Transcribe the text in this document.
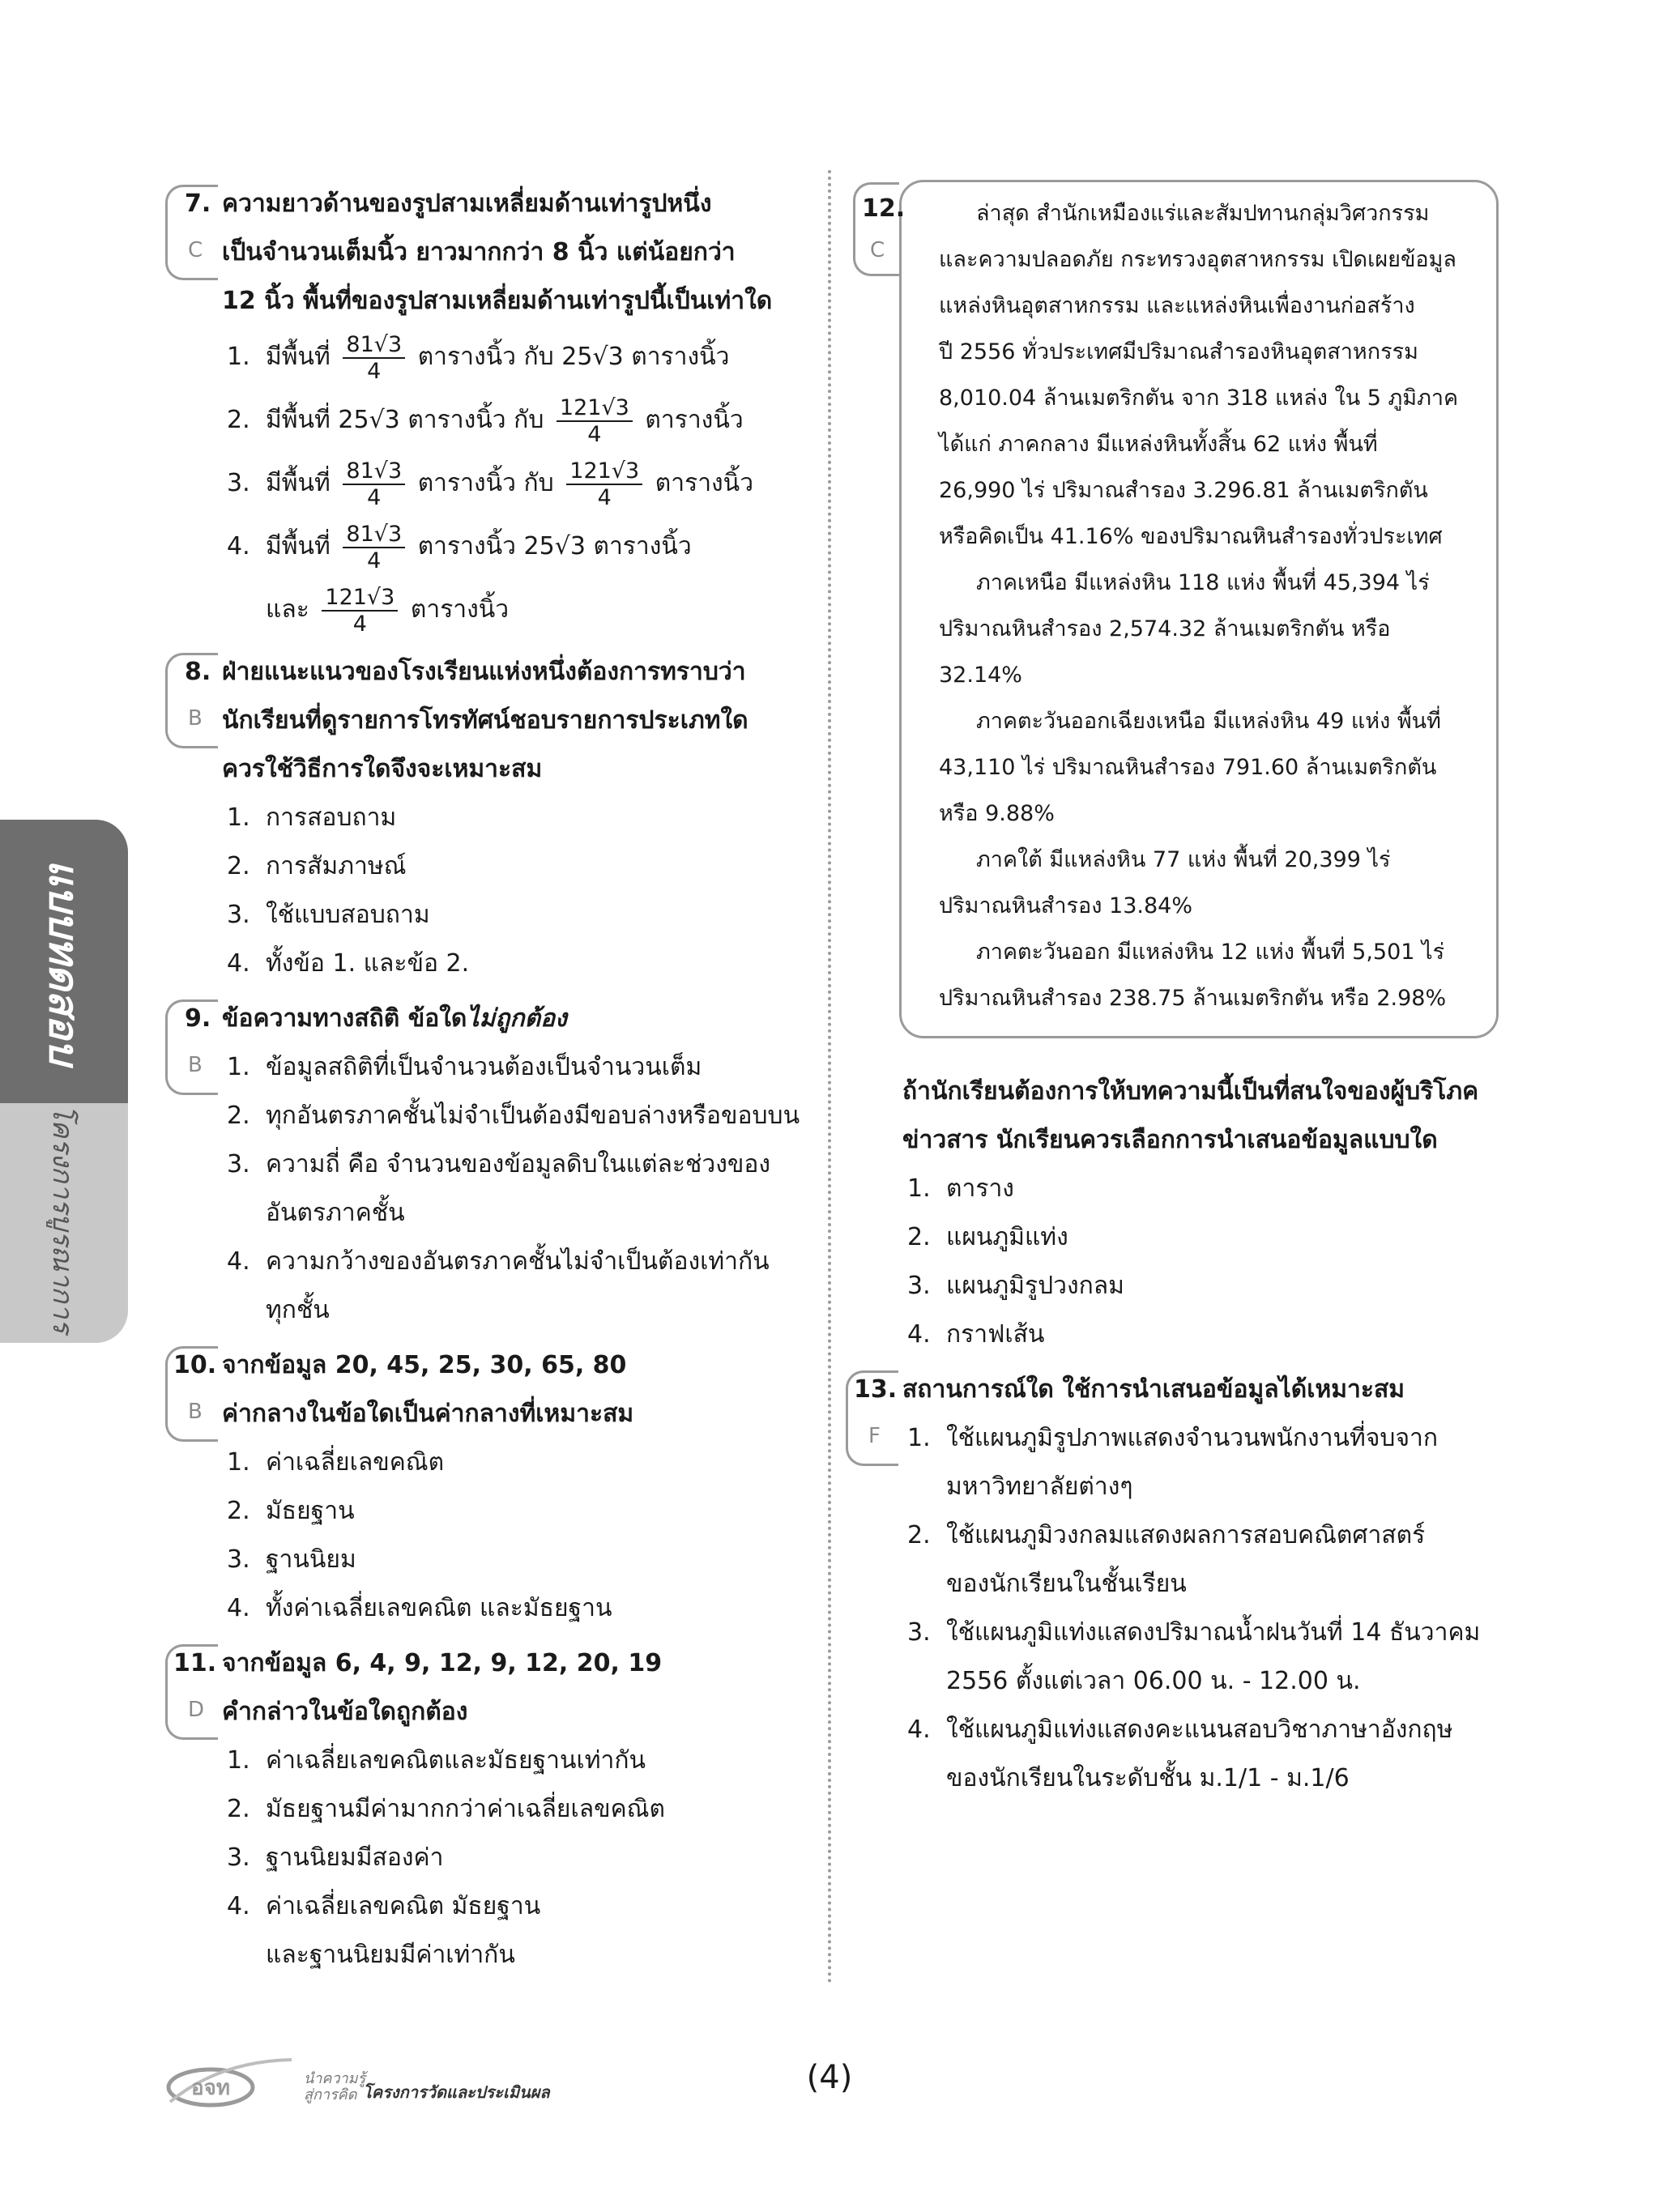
แบบทดสอบ
โครงการบูรณาการ
7.
C
ความยาวด้านของรูปสามเหลี่ยมด้านเท่ารูปหนึ่ง
เป็นจำนวนเต็มนิ้ว ยาวมากกว่า 8 นิ้ว แต่น้อยกว่า
12 นิ้ว พื้นที่ของรูปสามเหลี่ยมด้านเท่ารูปนี้เป็นเท่าใด
1. มีพื้นที่ $\frac{81√3}{4}$ ตารางนิ้ว กับ 25√3 ตารางนิ้ว
2. มีพื้นที่ 25√3 ตารางนิ้ว กับ $\frac{121√3}{4}$ ตารางนิ้ว
3. มีพื้นที่ $\frac{81√3}{4}$ ตารางนิ้ว กับ $\frac{121√3}{4}$ ตารางนิ้ว
4. มีพื้นที่ $\frac{81√3}{4}$ ตารางนิ้ว 25√3 ตารางนิ้ว
และ $\frac{121√3}{4}$ ตารางนิ้ว
8.
B
ฝ่ายแนะแนวของโรงเรียนแห่งหนึ่งต้องการทราบว่า
นักเรียนที่ดูรายการโทรทัศน์ชอบรายการประเภทใด
ควรใช้วิธีการใดจึงจะเหมาะสม
1. การสอบถาม
2. การสัมภาษณ์
3. ใช้แบบสอบถาม
4. ทั้งข้อ 1. และข้อ 2.
9.
B
ข้อความทางสถิติ ข้อใดไม่ถูกต้อง
1. ข้อมูลสถิติที่เป็นจำนวนต้องเป็นจำนวนเต็ม
2. ทุกอันตรภาคชั้นไม่จำเป็นต้องมีขอบล่างหรือขอบบน
3. ความถี่ คือ จำนวนของข้อมูลดิบในแต่ละช่วงของ
อันตรภาคชั้น
4. ความกว้างของอันตรภาคชั้นไม่จำเป็นต้องเท่ากัน
ทุกชั้น
10.
B
จากข้อมูล 20, 45, 25, 30, 65, 80
ค่ากลางในข้อใดเป็นค่ากลางที่เหมาะสม
1. ค่าเฉลี่ยเลขคณิต
2. มัธยฐาน
3. ฐานนิยม
4. ทั้งค่าเฉลี่ยเลขคณิต และมัธยฐาน
11.
D
จากข้อมูล 6, 4, 9, 12, 9, 12, 20, 19
คำกล่าวในข้อใดถูกต้อง
1. ค่าเฉลี่ยเลขคณิตและมัธยฐานเท่ากัน
2. มัธยฐานมีค่ามากกว่าค่าเฉลี่ยเลขคณิต
3. ฐานนิยมมีสองค่า
4. ค่าเฉลี่ยเลขคณิต มัธยฐาน
และฐานนิยมมีค่าเท่ากัน
12.
C

ล่าสุด สำนักเหมืองแร่และสัมปทานกลุ่มวิศวกรรม

และความปลอดภัย กระทรวงอุตสาหกรรม เปิดเผยข้อมูล

แหล่งหินอุตสาหกรรม และแหล่งหินเพื่องานก่อสร้าง

ปี 2556 ทั่วประเทศมีปริมาณสำรองหินอุตสาหกรรม

8,010.04 ล้านเมตริกตัน จาก 318 แหล่ง ใน 5 ภูมิภาค

ได้แก่ ภาคกลาง มีแหล่งหินทั้งสิ้น 62 แห่ง พื้นที่

26,990 ไร่ ปริมาณสำรอง 3.296.81 ล้านเมตริกตัน

หรือคิดเป็น 41.16% ของปริมาณหินสำรองทั่วประเทศ

ภาคเหนือ มีแหล่งหิน 118 แห่ง พื้นที่ 45,394 ไร่

ปริมาณหินสำรอง 2,574.32 ล้านเมตริกตัน หรือ 32.14%

ภาคตะวันออกเฉียงเหนือ มีแหล่งหิน 49 แห่ง พื้นที่

43,110 ไร่ ปริมาณหินสำรอง 791.60 ล้านเมตริกตัน

หรือ 9.88%

ภาคใต้ มีแหล่งหิน 77 แห่ง พื้นที่ 20,399 ไร่

ปริมาณหินสำรอง 13.84%

ภาคตะวันออก มีแหล่งหิน 12 แห่ง พื้นที่ 5,501 ไร่

ปริมาณหินสำรอง 238.75 ล้านเมตริกตัน หรือ 2.98%

ถ้านักเรียนต้องการให้บทความนี้เป็นที่สนใจของผู้บริโภค
ข่าวสาร นักเรียนควรเลือกการนำเสนอข้อมูลแบบใด
1. ตาราง
2. แผนภูมิแท่ง
3. แผนภูมิรูปวงกลม
4. กราฟเส้น
13.
F
สถานการณ์ใด ใช้การนำเสนอข้อมูลได้เหมาะสม
1. ใช้แผนภูมิรูปภาพแสดงจำนวนพนักงานที่จบจาก
มหาวิทยาลัยต่างๆ
2. ใช้แผนภูมิวงกลมแสดงผลการสอบคณิตศาสตร์
ของนักเรียนในชั้นเรียน
3. ใช้แผนภูมิแท่งแสดงปริมาณน้ำฝนวันที่ 14 ธันวาคม
2556 ตั้งแต่เวลา 06.00 น. - 12.00 น.
4. ใช้แผนภูมิแท่งแสดงคะแนนสอบวิชาภาษาอังกฤษ
ของนักเรียนในระดับชั้น ม.1/1 - ม.1/6
อจท	นำความรู้
สู่การคิด โครงการวัดและประเมินผล	(4)
